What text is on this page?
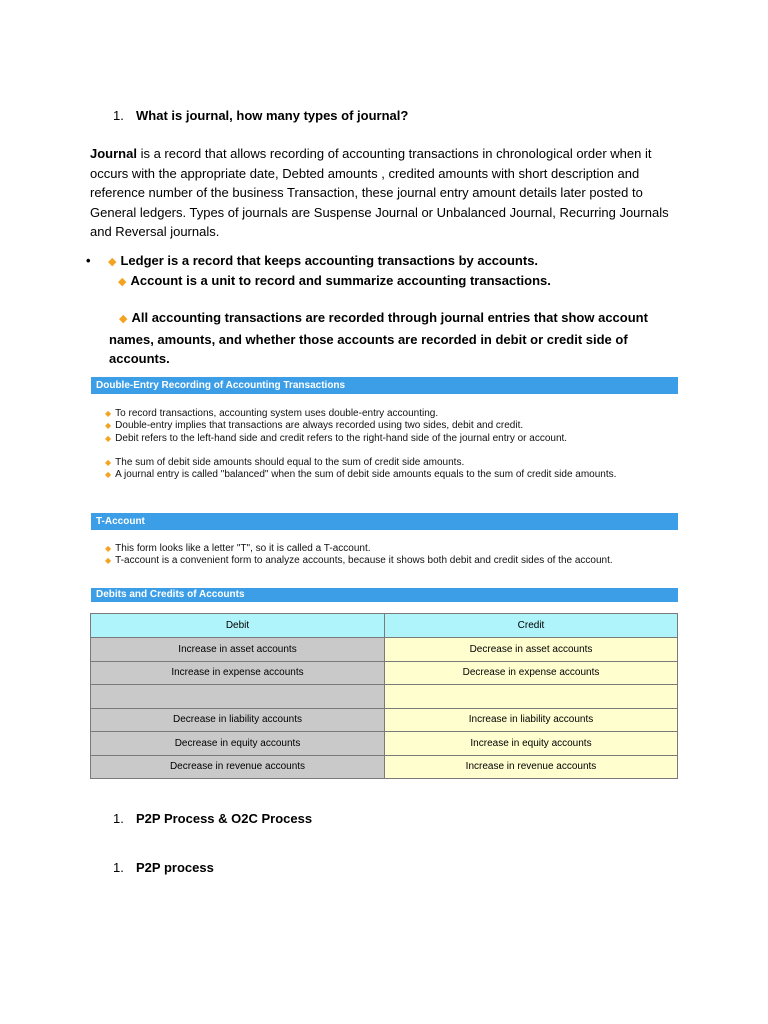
1. What is journal, how many types of journal?
Journal is a record that allows recording of accounting transactions in chronological order when it occurs with the appropriate date, Debted amounts , credited amounts with short description and reference number of the business Transaction, these journal entry amount details later posted to General ledgers. Types of journals are Suspense Journal or Unbalanced Journal, Recurring Journals and Reversal journals.
• ◆ Ledger is a record that keeps accounting transactions by accounts.
◆ Account is a unit to record and summarize accounting transactions.
◆ All accounting transactions are recorded through journal entries that show account names, amounts, and whether those accounts are recorded in debit or credit side of accounts.
Double-Entry Recording of Accounting Transactions
◆ To record transactions, accounting system uses double-entry accounting.
◆ Double-entry implies that transactions are always recorded using two sides, debit and credit.
◆ Debit refers to the left-hand side and credit refers to the right-hand side of the journal entry or account.
◆ The sum of debit side amounts should equal to the sum of credit side amounts.
◆ A journal entry is called "balanced" when the sum of debit side amounts equals to the sum of credit side amounts.
T-Account
◆ This form looks like a letter "T", so it is called a T-account.
◆ T-account is a convenient form to analyze accounts, because it shows both debit and credit sides of the account.
Debits and Credits of Accounts
Debit	Credit
Increase in asset accounts	Decrease in asset accounts
Increase in expense accounts	Decrease in expense accounts

Decrease in liability accounts	Increase in liability accounts
Decrease in equity accounts	Increase in equity accounts
Decrease in revenue accounts	Increase in revenue accounts
1. P2P Process & O2C Process
1. P2P process
